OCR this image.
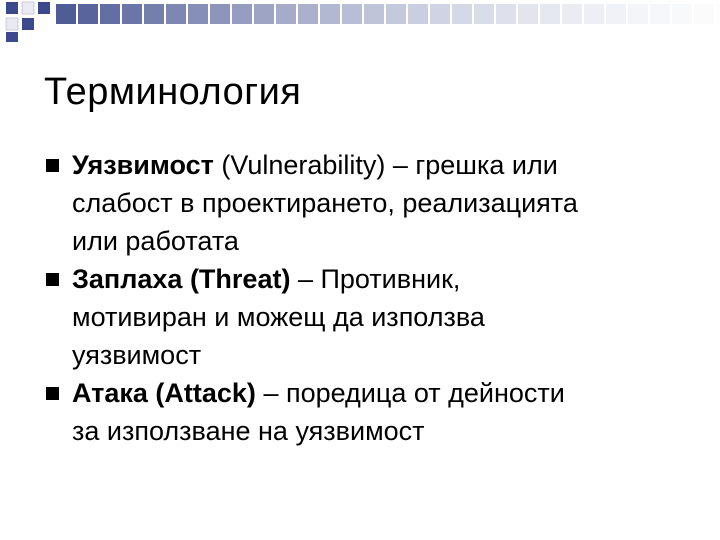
Терминология
Уязвимост (Vulnerability) – грешка или
слабост в проектирането, реализацията
или работата
Заплаха (Threat) – Противник,
мотивиран и можещ да използва
уязвимост
Атака (Attack) – поредица от дейности
за използване на уязвимост
